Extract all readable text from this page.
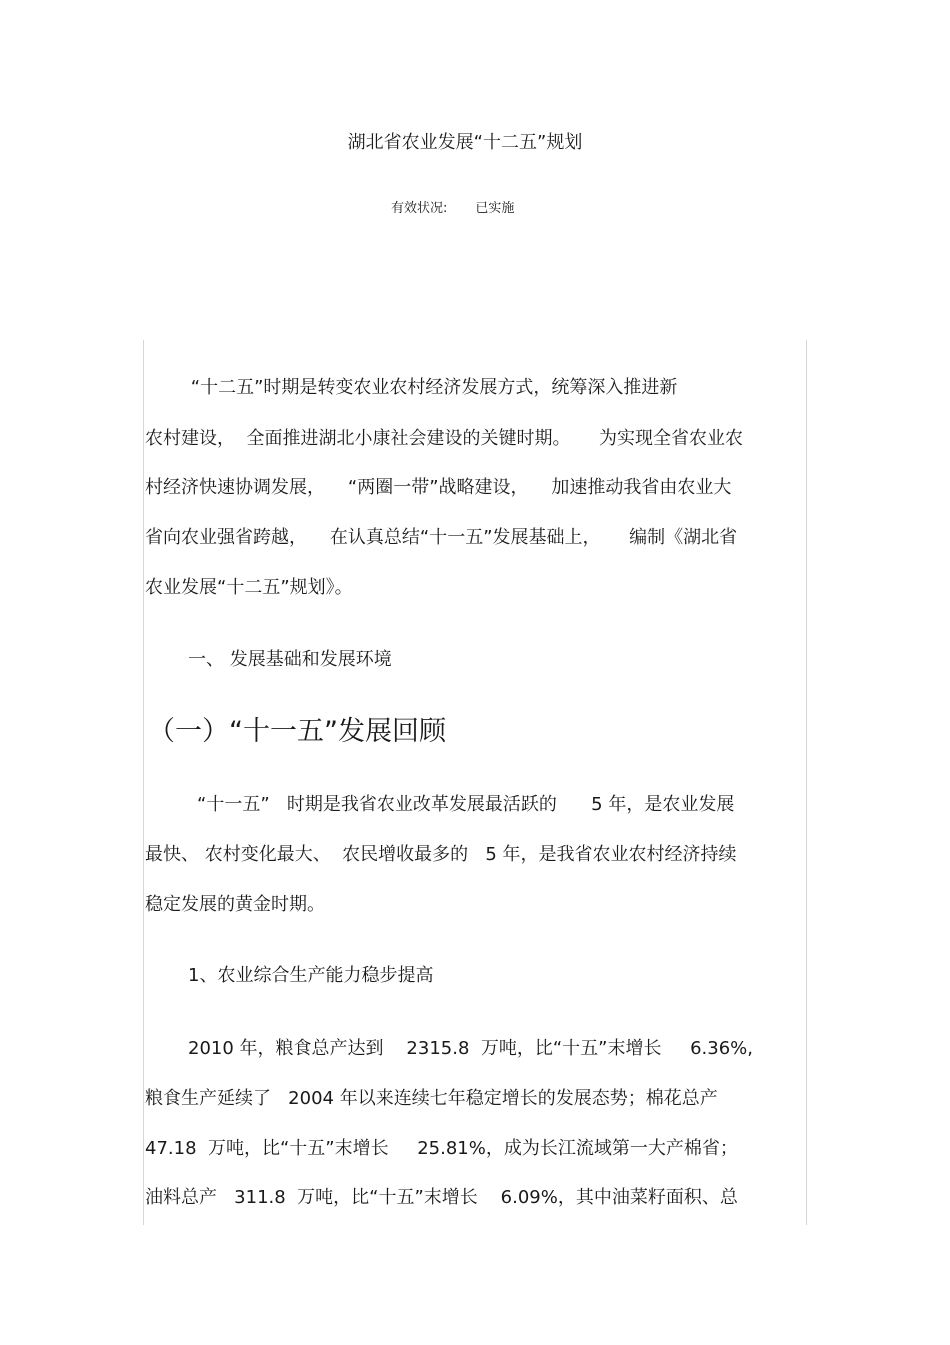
湖北省农业发展“十二五”规划
有效状况: 已实施
“十二五”时期是转变农业农村经济发展方式，统筹深入推进新
农村建设，  全面推进湖北小康社会建设的关键时期。     为实现全省农业农
村经济快速协调发展，    “两圈一带”战略建设，    加速推动我省由农业大
省向农业强省跨越，    在认真总结“十一五”发展基础上，     编制《湖北省
农业发展“十二五”规划》。
一、 发展基础和发展环境
（一）“十一五”发展回顾
“十一五”   时期是我省农业改革发展最活跃的      5 年，是农业发展
最快、 农村变化最大、  农民增收最多的   5 年，是我省农业农村经济持续
稳定发展的黄金时期。
1、农业综合生产能力稳步提高
2010 年，粮食总产达到    2315.8  万吨，比“十五”末增长     6.36%,
粮食生产延续了   2004 年以来连续七年稳定增长的发展态势；棉花总产
47.18  万吨，比“十五”末增长     25.81%，成为长江流域第一大产棉省；
油料总产   311.8  万吨，比“十五”末增长    6.09%，其中油菜籽面积、总
